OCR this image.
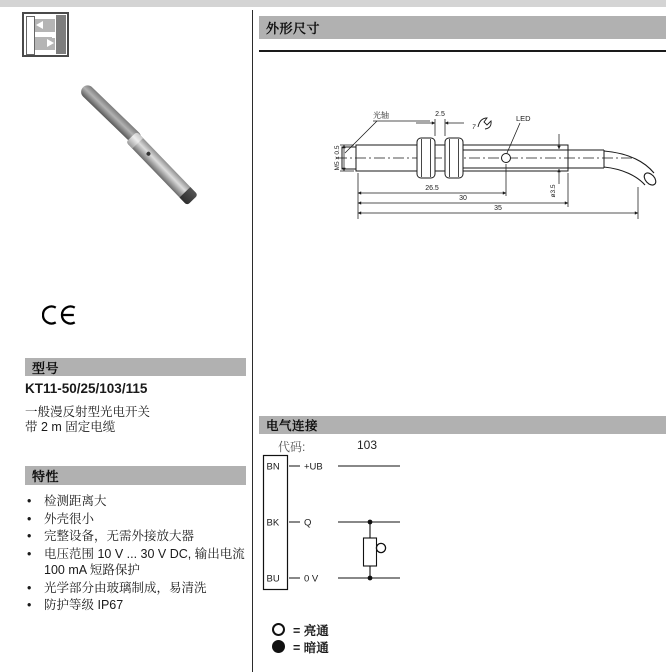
型号
KT11-50/25/103/115
一般漫反射型光电开关
带 2 m 固定电缆
特性
•	检测距离大
•	外壳很小
•	完整设备，无需外接放大器
•	电压范围 10 V ... 30 V DC, 输出电流 100 mA 短路保护
•	光学部分由玻璃制成，易清洗
•	防护等级 IP67
外形尺寸
光轴	LED
2.5
7
M5 x 0.5
ø3.5
26.5
30
35
电气连接
代码:	103
BN
BK
BU
+UB
Q
0 V
= 亮通
= 暗通
